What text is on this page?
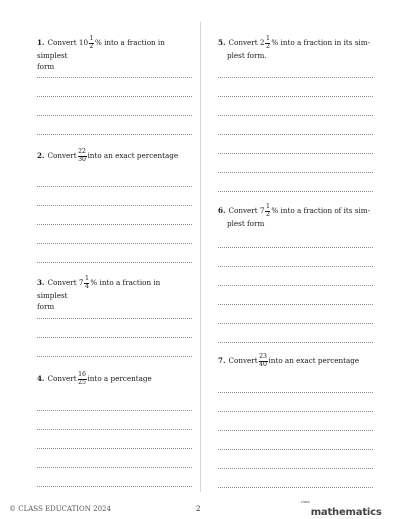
1. Convert $10 \frac{1}{2}$ % into a fraction in simplest
form
2. Convert $\frac{22}{30}$ into an exact percentage
3. Convert $7 \frac{1}{4}$ % into a fraction in simplest
form
4. Convert $\frac{16}{25}$ into a percentage
5. Convert $2 \frac{1}{2}$ % into a fraction in its sim-
plest form.
6. Convert $7 \frac{1}{2}$ % into a fraction of its sim-
plest form
7. Convert $\frac{23}{40}$ into an exact percentage
© CLASS EDUCATION 2024	2
$^{class}$mathematics
